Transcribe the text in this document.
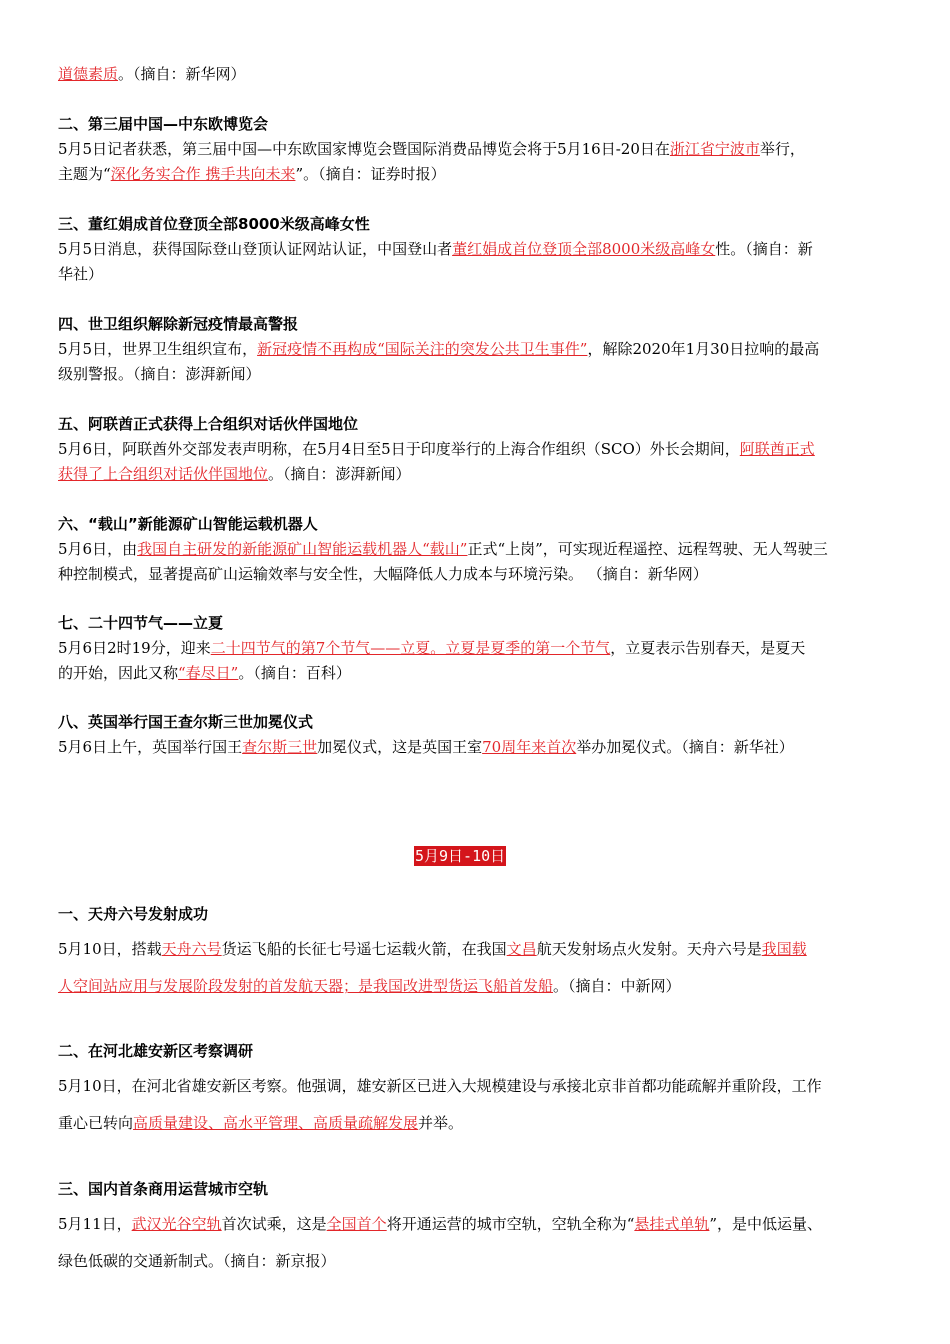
道德素质。（摘自：新华网）

二、第三届中国—中东欧博览会

5月5日记者获悉，第三届中国—中东欧国家博览会暨国际消费品博览会将于5月16日-20日在浙江省宁波市举行，
主题为“深化务实合作 携手共向未来”。（摘自：证券时报）

三、董红娟成首位登顶全部8000米级高峰女性

5月5日消息，获得国际登山登顶认证网站认证，中国登山者董红娟成首位登顶全部8000米级高峰女性。（摘自：新
华社）

四、世卫组织解除新冠疫情最高警报

5月5日，世界卫生组织宣布，新冠疫情不再构成“国际关注的突发公共卫生事件”，解除2020年1月30日拉响的最高
级别警报。（摘自：澎湃新闻）

五、阿联酋正式获得上合组织对话伙伴国地位

5月6日，阿联酋外交部发表声明称，在5月4日至5日于印度举行的上海合作组织（SCO）外长会期间，阿联酋正式
获得了上合组织对话伙伴国地位。（摘自：澎湃新闻）

六、“载山”新能源矿山智能运载机器人

5月6日，由我国自主研发的新能源矿山智能运载机器人“载山”正式“上岗”，可实现近程遥控、远程驾驶、无人驾驶三
种控制模式，显著提高矿山运输效率与安全性，大幅降低人力成本与环境污染。 （摘自：新华网）

七、二十四节气——立夏

5月6日2时19分，迎来二十四节气的第7个节气——立夏。立夏是夏季的第一个节气，立夏表示告别春天，是夏天
的开始，因此又称“春尽日”。（摘自：百科）

八、英国举行国王查尔斯三世加冕仪式

5月6日上午，英国举行国王查尔斯三世加冕仪式，这是英国王室70周年来首次举办加冕仪式。（摘自：新华社）

5月9日-10日

一、天舟六号发射成功

5月10日，搭载天舟六号货运飞船的长征七号遥七运载火箭，在我国文昌航天发射场点火发射。天舟六号是我国载
人空间站应用与发展阶段发射的首发航天器；是我国改进型货运飞船首发船。（摘自：中新网）

二、在河北雄安新区考察调研

5月10日，在河北省雄安新区考察。他强调，雄安新区已进入大规模建设与承接北京非首都功能疏解并重阶段，工作
重心已转向高质量建设、高水平管理、高质量疏解发展并举。

三、国内首条商用运营城市空轨

5月11日，武汉光谷空轨首次试乘，这是全国首个将开通运营的城市空轨，空轨全称为“悬挂式单轨”，是中低运量、
绿色低碳的交通新制式。（摘自：新京报）
